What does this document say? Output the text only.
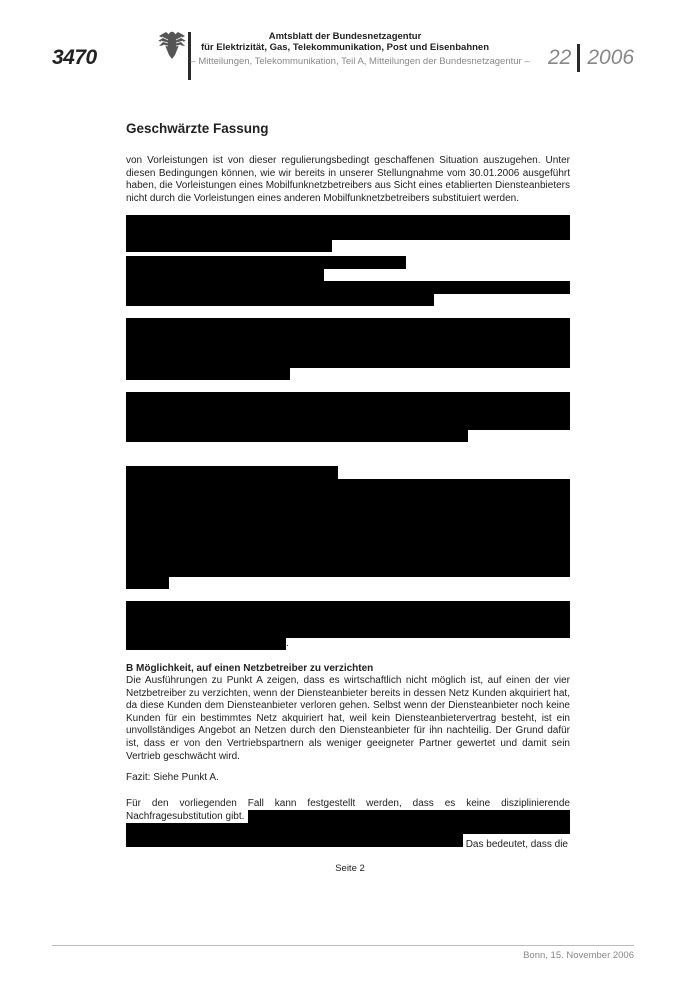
3470
Amtsblatt der Bundesnetzagentur
für Elektrizität, Gas, Telekommunikation, Post und Eisenbahnen
– Mitteilungen, Telekommunikation, Teil A, Mitteilungen der Bundesnetzagentur – 22 2006
Geschwärzte Fassung
von Vorleistungen ist von dieser regulierungsbedingt geschaffenen Situation auszugehen. Unter diesen Bedingungen können, wie wir bereits in unserer Stellungnahme vom 30.01.2006 ausgeführt haben, die Vorleistungen eines Mobilfunknetzbetreibers aus Sicht eines etablierten Diensteanbieters nicht durch die Vorleistungen eines anderen Mobilfunknetzbetreibers substituiert werden.
.
B Möglichkeit, auf einen Netzbetreiber zu verzichten
Die Ausführungen zu Punkt A zeigen, dass es wirtschaftlich nicht möglich ist, auf einen der vier Netzbetreiber zu verzichten, wenn der Diensteanbieter bereits in dessen Netz Kunden akquiriert hat, da diese Kunden dem Diensteanbieter verloren gehen. Selbst wenn der Diensteanbieter noch keine Kunden für ein bestimmtes Netz akquiriert hat, weil kein Diensteanbietervertrag besteht, ist ein unvollständiges Angebot an Netzen durch den Diensteanbieter für ihn nachteilig. Der Grund dafür ist, dass er von den Vertriebspartnern als weniger geeigneter Partner gewertet und damit sein Vertrieb geschwächt wird.
Fazit: Siehe Punkt A.
Für den vorliegenden Fall kann festgestellt werden, dass es keine disziplinierende Nachfragesubstitution gibt.
Das bedeutet, dass die
Seite 2
Bonn, 15. November 2006
